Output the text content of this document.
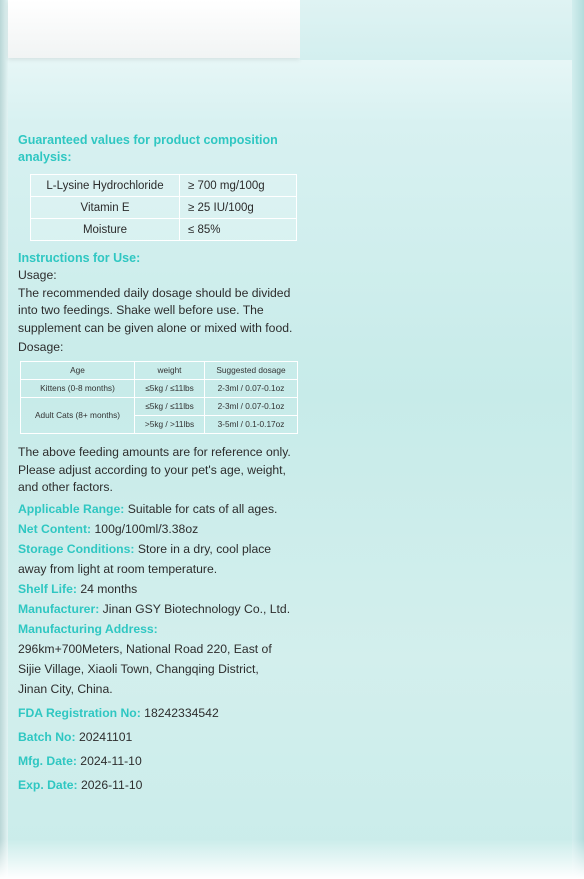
Guaranteed values for product composition analysis:
L-Lysine Hydrochloride	≥ 700 mg/100g
Vitamin E	≥ 25 IU/100g
Moisture	≤ 85%
Instructions for Use:
Usage:
The recommended daily dosage should be divided into two feedings. Shake well before use. The supplement can be given alone or mixed with food.
Dosage:
Age	weight	Suggested dosage
Kittens (0-8 months)	≤5kg / ≤11lbs	2-3ml / 0.07-0.1oz
Adult Cats (8+ months)	≤5kg / ≤11lbs	2-3ml / 0.07-0.1oz
	>5kg / >11lbs	3-5ml / 0.1-0.17oz
The above feeding amounts are for reference only. Please adjust according to your pet's age, weight, and other factors.
Applicable Range: Suitable for cats of all ages.
Net Content: 100g/100ml/3.38oz
Storage Conditions: Store in a dry, cool place
away from light at room temperature.
Shelf Life: 24 months
Manufacturer: Jinan GSY Biotechnology Co., Ltd.
Manufacturing Address:
296km+700Meters, National Road 220, East of
Sijie Village, Xiaoli Town, Changqing District,
Jinan City, China.
FDA Registration No: 18242334542
Batch No: 20241101
Mfg. Date: 2024-11-10
Exp. Date: 2026-11-10
